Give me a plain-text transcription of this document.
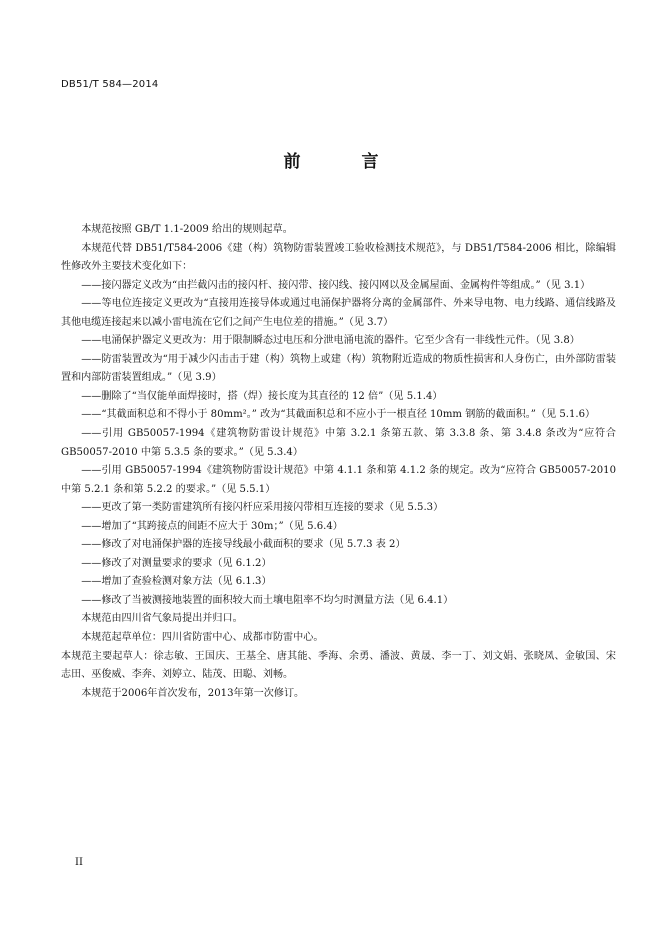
DB51/T 584—2014
前　言

本规范按照 GB/T 1.1-2009 给出的规则起草。

本规范代替 DB51/T584-2006《建（构）筑物防雷装置竣工验收检测技术规范》，与 DB51/T584-2006 相比，除编辑性修改外主要技术变化如下：

——接闪器定义改为“由拦截闪击的接闪杆、接闪带、接闪线、接闪网以及金属屋面、金属构件等组成。”（见 3.1）

——等电位连接定义更改为“直接用连接导体或通过电涌保护器将分离的金属部件、外来导电物、电力线路、通信线路及其他电缆连接起来以减小雷电流在它们之间产生电位差的措施。”（见 3.7）

——电涌保护器定义更改为：用于限制瞬态过电压和分泄电涌电流的器件。它至少含有一非线性元件。（见 3.8）

——防雷装置改为“用于减少闪击击于建（构）筑物上或建（构）筑物附近造成的物质性损害和人身伤亡，由外部防雷装置和内部防雷装置组成。”（见 3.9）

——删除了“当仅能单面焊接时，搭（焊）接长度为其直径的 12 倍”（见 5.1.4）

——“其截面积总和不得小于 80mm²。” 改为“其截面积总和不应小于一根直径 10mm 钢筋的截面积。”（见 5.1.6）

——引用 GB50057-1994《建筑物防雷设计规范》中第 3.2.1 条第五款、第 3.3.8 条、第 3.4.8 条改为“应符合 GB50057-2010 中第 5.3.5 条的要求。”（见 5.3.4）

——引用 GB50057-1994《建筑物防雷设计规范》中第 4.1.1 条和第 4.1.2 条的规定。改为“应符合 GB50057-2010 中第 5.2.1 条和第 5.2.2 的要求。”（见 5.5.1）

——更改了第一类防雷建筑所有接闪杆应采用接闪带相互连接的要求（见 5.5.3）

——增加了“其跨接点的间距不应大于 30m；”（见 5.6.4）

——修改了对电涌保护器的连接导线最小截面积的要求（见 5.7.3 表 2）

——修改了对测量要求的要求（见 6.1.2）

——增加了查验检测对象方法（见 6.1.3）

——修改了当被测接地装置的面积较大而土壤电阻率不均匀时测量方法（见 6.4.1）

本规范由四川省气象局提出并归口。

本规范起草单位：四川省防雷中心、成都市防雷中心。

本规范主要起草人：徐志敏、王国庆、王基全、唐其能、季海、余勇、潘波、黄晟、李一丁、刘文娟、张晓凤、金敏国、宋志田、巫俊威、李奔、刘婷立、陆茂、田聪、刘畅。

本规范于2006年首次发布，2013年第一次修订。

II
